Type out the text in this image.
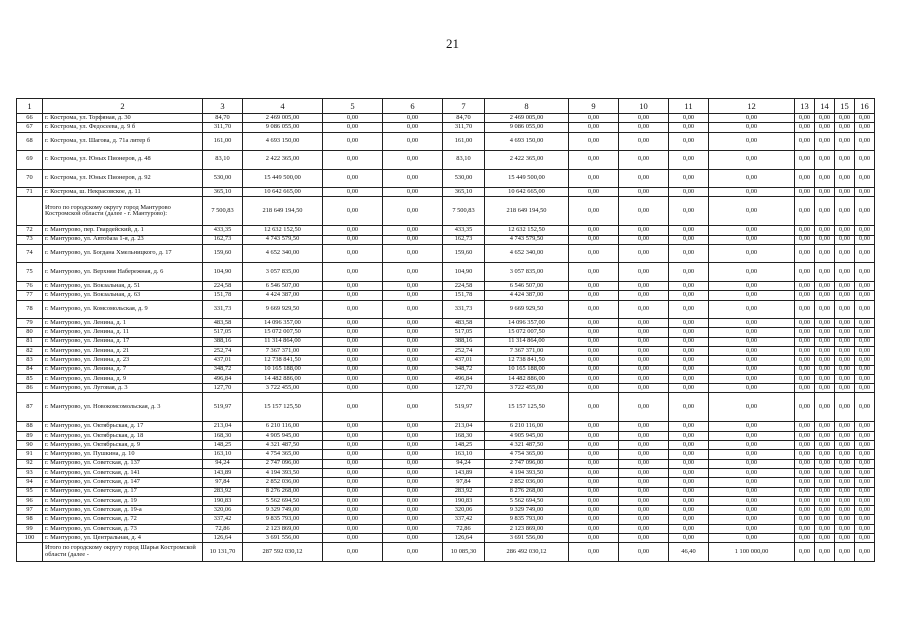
21
1	2	3	4	5	6	7	8	9	10	11	12	13	14	15	16
66	г. Кострома, ул. Торфяная, д. 30	84,70	2 469 005,00	0,00	0,00	84,70	2 469 005,00	0,00	0,00	0,00	0,00	0,00	0,00	0,00	0,00
67	г. Кострома, ул. Федосеева, д. 9 б	311,70	9 086 055,00	0,00	0,00	311,70	9 086 055,00	0,00	0,00	0,00	0,00	0,00	0,00	0,00	0,00
68	г. Кострома, ул. Шагова, д. 71а литер б	161,00	4 693 150,00	0,00	0,00	161,00	4 693 150,00	0,00	0,00	0,00	0,00	0,00	0,00	0,00	0,00
69	г. Кострома, ул. Юных Пионеров, д. 48	83,10	2 422 365,00	0,00	0,00	83,10	2 422 365,00	0,00	0,00	0,00	0,00	0,00	0,00	0,00	0,00
70	г. Кострома, ул. Юных Пионеров, д. 92	530,00	15 449 500,00	0,00	0,00	530,00	15 449 500,00	0,00	0,00	0,00	0,00	0,00	0,00	0,00	0,00
71	г. Кострома, ш. Некрасовское, д. 11	365,10	10 642 665,00	0,00	0,00	365,10	10 642 665,00	0,00	0,00	0,00	0,00	0,00	0,00	0,00	0,00
	Итого по городскому округу город Мантурово Костромской области (далее - г. Мантурово):	7 500,83	218 649 194,50	0,00	0,00	7 500,83	218 649 194,50	0,00	0,00	0,00	0,00	0,00	0,00	0,00	0,00
72	г. Мантурово, пер. Гвардейский, д. 1	433,35	12 632 152,50	0,00	0,00	433,35	12 632 152,50	0,00	0,00	0,00	0,00	0,00	0,00	0,00	0,00
73	г. Мантурово, ул. Автобаза 1-я, д. 23	162,73	4 743 579,50	0,00	0,00	162,73	4 743 579,50	0,00	0,00	0,00	0,00	0,00	0,00	0,00	0,00
74	г. Мантурово, ул. Богдана Хмельницкого, д. 17	159,60	4 652 340,00	0,00	0,00	159,60	4 652 340,00	0,00	0,00	0,00	0,00	0,00	0,00	0,00	0,00
75	г. Мантурово, ул. Верхняя Набережная, д. 6	104,90	3 057 835,00	0,00	0,00	104,90	3 057 835,00	0,00	0,00	0,00	0,00	0,00	0,00	0,00	0,00
76	г. Мантурово, ул. Вокзальная, д. 51	224,58	6 546 507,00	0,00	0,00	224,58	6 546 507,00	0,00	0,00	0,00	0,00	0,00	0,00	0,00	0,00
77	г. Мантурово, ул. Вокзальная, д. 63	151,78	4 424 387,00	0,00	0,00	151,78	4 424 387,00	0,00	0,00	0,00	0,00	0,00	0,00	0,00	0,00
78	г. Мантурово, ул. Комсомольская, д. 9	331,73	9 669 929,50	0,00	0,00	331,73	9 669 929,50	0,00	0,00	0,00	0,00	0,00	0,00	0,00	0,00
79	г. Мантурово, ул. Ленина, д. 1	483,58	14 096 357,00	0,00	0,00	483,58	14 096 357,00	0,00	0,00	0,00	0,00	0,00	0,00	0,00	0,00
80	г. Мантурово, ул. Ленина, д. 11	517,05	15 072 007,50	0,00	0,00	517,05	15 072 007,50	0,00	0,00	0,00	0,00	0,00	0,00	0,00	0,00
81	г. Мантурово, ул. Ленина, д. 17	388,16	11 314 864,00	0,00	0,00	388,16	11 314 864,00	0,00	0,00	0,00	0,00	0,00	0,00	0,00	0,00
82	г. Мантурово, ул. Ленина, д. 21	252,74	7 367 371,00	0,00	0,00	252,74	7 367 371,00	0,00	0,00	0,00	0,00	0,00	0,00	0,00	0,00
83	г. Мантурово, ул. Ленина, д. 23	437,01	12 738 841,50	0,00	0,00	437,01	12 738 841,50	0,00	0,00	0,00	0,00	0,00	0,00	0,00	0,00
84	г. Мантурово, ул. Ленина, д. 7	348,72	10 165 188,00	0,00	0,00	348,72	10 165 188,00	0,00	0,00	0,00	0,00	0,00	0,00	0,00	0,00
85	г. Мантурово, ул. Ленина, д. 9	496,84	14 482 886,00	0,00	0,00	496,84	14 482 886,00	0,00	0,00	0,00	0,00	0,00	0,00	0,00	0,00
86	г. Мантурово, ул. Луговая, д. 3	127,70	3 722 455,00	0,00	0,00	127,70	3 722 455,00	0,00	0,00	0,00	0,00	0,00	0,00	0,00	0,00
87	г. Мантурово, ул. Новокомсомольская, д. 3	519,97	15 157 125,50	0,00	0,00	519,97	15 157 125,50	0,00	0,00	0,00	0,00	0,00	0,00	0,00	0,00
88	г. Мантурово, ул. Октябрьская, д. 17	213,04	6 210 116,00	0,00	0,00	213,04	6 210 116,00	0,00	0,00	0,00	0,00	0,00	0,00	0,00	0,00
89	г. Мантурово, ул. Октябрьская, д. 18	168,30	4 905 945,00	0,00	0,00	168,30	4 905 945,00	0,00	0,00	0,00	0,00	0,00	0,00	0,00	0,00
90	г. Мантурово, ул. Октябрьская, д. 9	148,25	4 321 487,50	0,00	0,00	148,25	4 321 487,50	0,00	0,00	0,00	0,00	0,00	0,00	0,00	0,00
91	г. Мантурово, ул. Пушкина, д. 10	163,10	4 754 365,00	0,00	0,00	163,10	4 754 365,00	0,00	0,00	0,00	0,00	0,00	0,00	0,00	0,00
92	г. Мантурово, ул. Советская, д. 137	94,24	2 747 096,00	0,00	0,00	94,24	2 747 096,00	0,00	0,00	0,00	0,00	0,00	0,00	0,00	0,00
93	г. Мантурово, ул. Советская, д. 141	143,89	4 194 393,50	0,00	0,00	143,89	4 194 393,50	0,00	0,00	0,00	0,00	0,00	0,00	0,00	0,00
94	г. Мантурово, ул. Советская, д. 147	97,84	2 852 036,00	0,00	0,00	97,84	2 852 036,00	0,00	0,00	0,00	0,00	0,00	0,00	0,00	0,00
95	г. Мантурово, ул. Советская, д. 17	283,92	8 276 268,00	0,00	0,00	283,92	8 276 268,00	0,00	0,00	0,00	0,00	0,00	0,00	0,00	0,00
96	г. Мантурово, ул. Советская, д. 19	190,83	5 562 694,50	0,00	0,00	190,83	5 562 694,50	0,00	0,00	0,00	0,00	0,00	0,00	0,00	0,00
97	г. Мантурово, ул. Советская, д. 19-а	320,06	9 329 749,00	0,00	0,00	320,06	9 329 749,00	0,00	0,00	0,00	0,00	0,00	0,00	0,00	0,00
98	г. Мантурово, ул. Советская, д. 72	337,42	9 835 793,00	0,00	0,00	337,42	9 835 793,00	0,00	0,00	0,00	0,00	0,00	0,00	0,00	0,00
99	г. Мантурово, ул. Советская, д. 73	72,86	2 123 869,00	0,00	0,00	72,86	2 123 869,00	0,00	0,00	0,00	0,00	0,00	0,00	0,00	0,00
100	г. Мантурово, ул. Центральная, д. 4	126,64	3 691 556,00	0,00	0,00	126,64	3 691 556,00	0,00	0,00	0,00	0,00	0,00	0,00	0,00	0,00
	Итого по городскому округу город Шарья Костромской области (далее -	10 131,70	287 592 030,12	0,00	0,00	10 085,30	286 492 030,12	0,00	0,00	46,40	1 100 000,00	0,00	0,00	0,00	0,00
